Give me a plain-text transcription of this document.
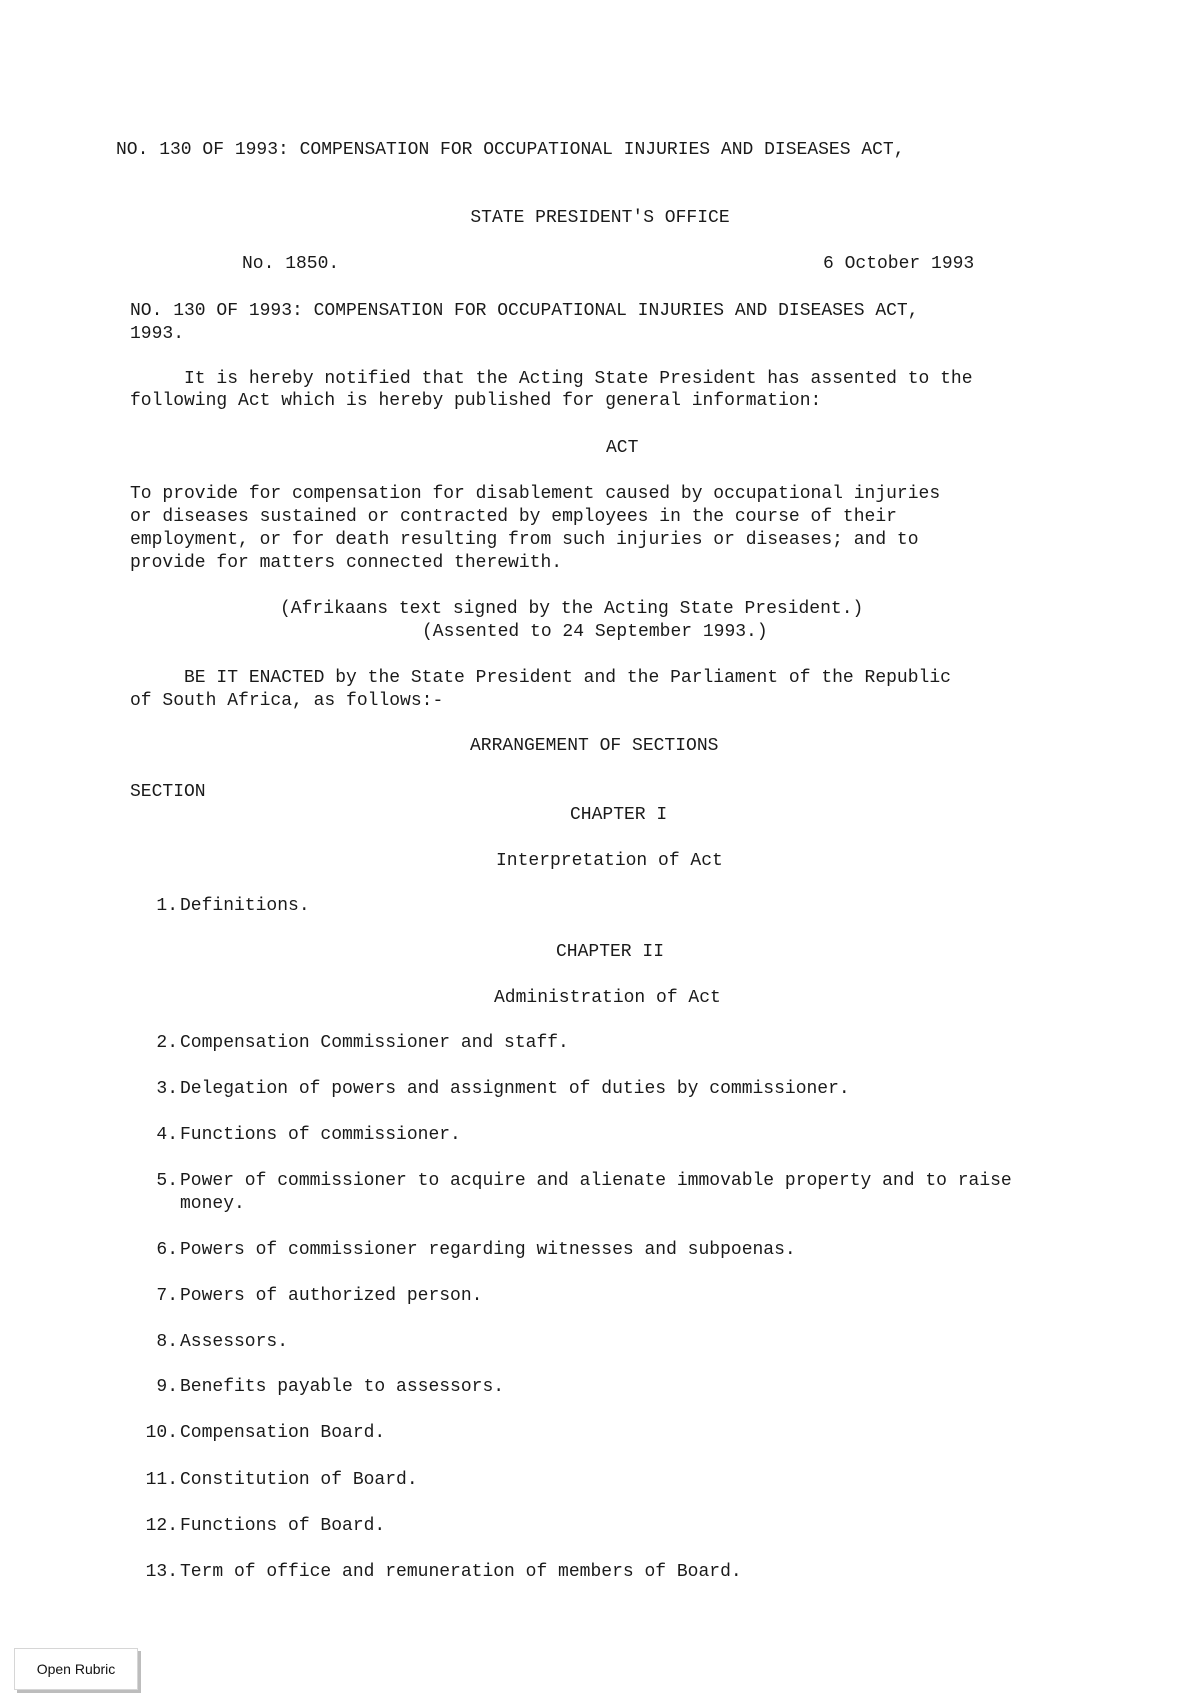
NO. 130 OF 1993: COMPENSATION FOR OCCUPATIONAL INJURIES AND DISEASES ACT,

STATE PRESIDENT'S OFFICE

No. 1850.	6 October 1993

NO. 130 OF 1993: COMPENSATION FOR OCCUPATIONAL INJURIES AND DISEASES ACT,

1993.

It is hereby notified that the Acting State President has assented to the

following Act which is hereby published for general information:

ACT

To provide for compensation for disablement caused by occupational injuries

or diseases sustained or contracted by employees in the course of their

employment, or for death resulting from such injuries or diseases; and to

provide for matters connected therewith.

(Afrikaans text signed by the Acting State President.)

(Assented to 24 September 1993.)

BE IT ENACTED by the State President and the Parliament of the Republic

of South Africa, as follows:-

ARRANGEMENT OF SECTIONS

SECTION

CHAPTER I

Interpretation of Act

1. Definitions.

CHAPTER II

Administration of Act

2. Compensation Commissioner and staff.
3. Delegation of powers and assignment of duties by commissioner.
4. Functions of commissioner.
5. Power of commissioner to acquire and alienate immovable property and to raise money.
6. Powers of commissioner regarding witnesses and subpoenas.
7. Powers of authorized person.
8. Assessors.
9. Benefits payable to assessors.
10. Compensation Board.
11. Constitution of Board.
12. Functions of Board.
13. Term of office and remuneration of members of Board.
Open Rubric
